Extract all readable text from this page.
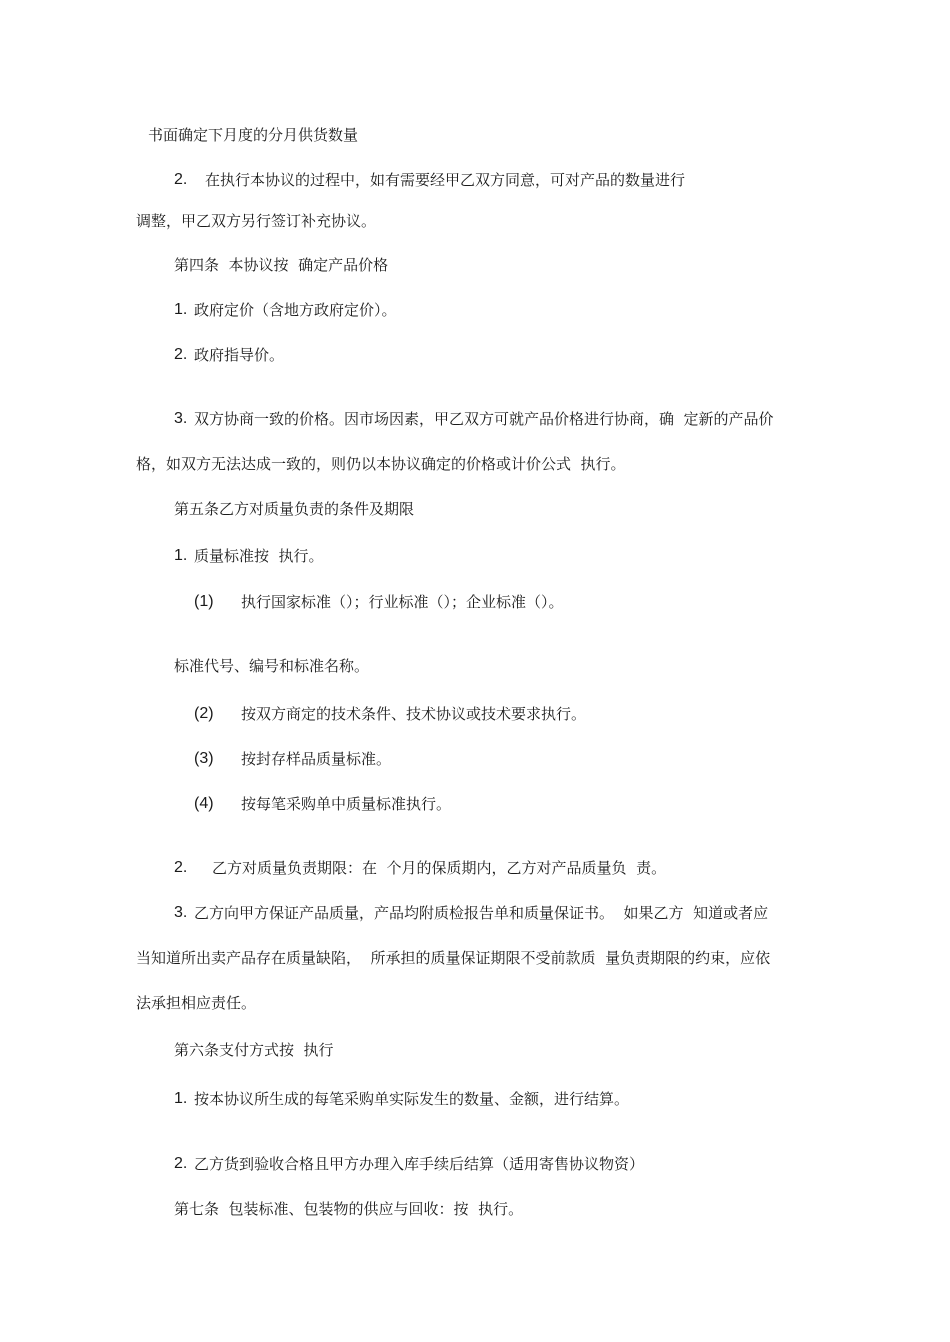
书面确定下月度的分月供货数量
2. 在执行本协议的过程中，如有需要经甲乙双方同意，可对产品的数量进行
调整，甲乙双方另行签订补充协议。
第四条  本协议按  确定产品价格
1. 政府定价（含地方政府定价）。
2. 政府指导价。
3. 双方协商一致的价格。因市场因素，甲乙双方可就产品价格进行协商，确  定新的产品价
格，如双方无法达成一致的，则仍以本协议确定的价格或计价公式  执行。
第五条乙方对质量负责的条件及期限
1. 质量标准按  执行。
(1) 执行国家标准（）；行业标准（）；企业标准（）。
标准代号、编号和标准名称。
(2) 按双方商定的技术条件、技术协议或技术要求执行。
(3) 按封存样品质量标准。
(4) 按每笔采购单中质量标准执行。
2. 乙方对质量负责期限：在  个月的保质期内，乙方对产品质量负  责。
3. 乙方向甲方保证产品质量，产品均附质检报告单和质量保证书。  如果乙方  知道或者应
当知道所出卖产品存在质量缺陷，  所承担的质量保证期限不受前款质  量负责期限的约束，应依
法承担相应责任。
第六条支付方式按  执行
1. 按本协议所生成的每笔采购单实际发生的数量、金额，进行结算。
2. 乙方货到验收合格且甲方办理入库手续后结算（适用寄售协议物资）
第七条  包装标准、包装物的供应与回收：按  执行。
